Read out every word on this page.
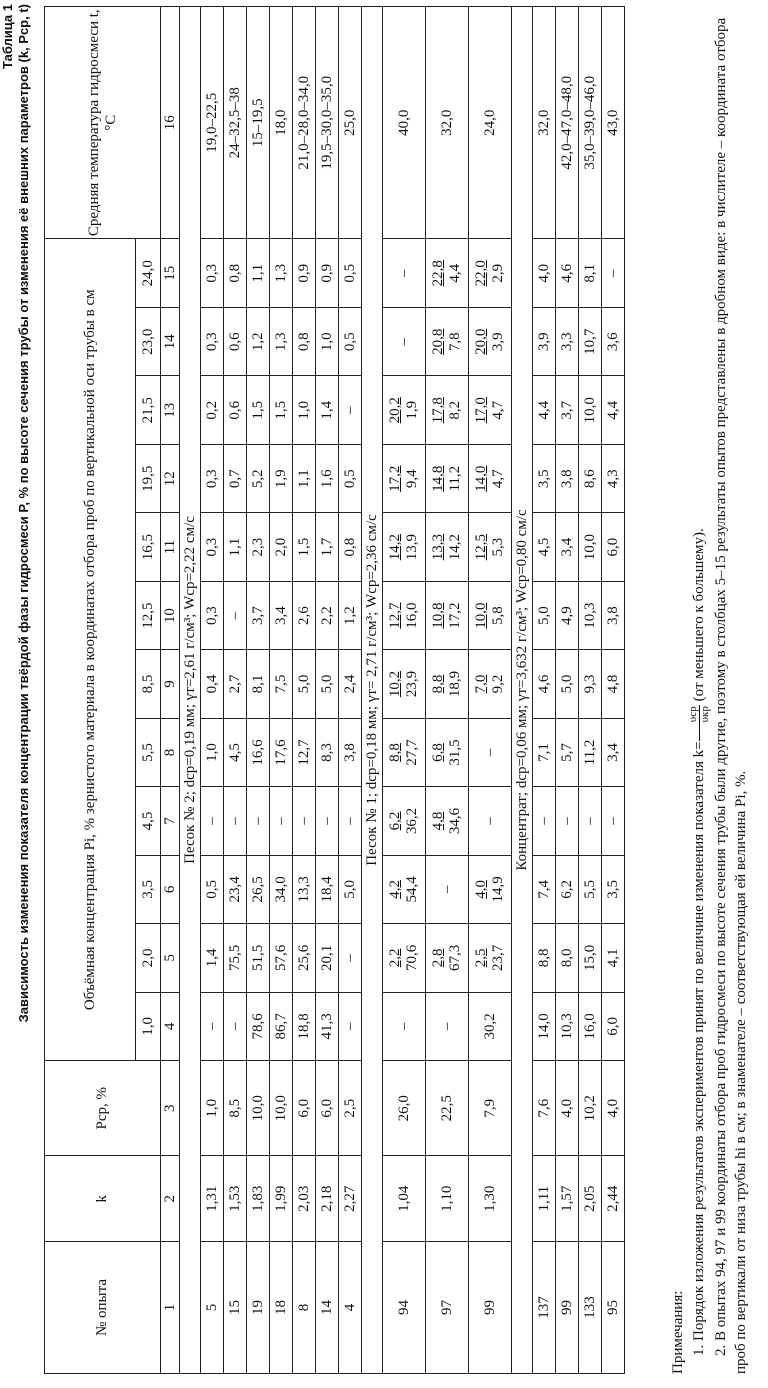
Таблица 1 Зависимость изменения показателя концентрации твёрдой фазы гидросмеси P, % по высоте сечения трубы от изменения её внешних параметров (k, Pср, t)
№ опыта	k	Pср, %	Объёмная концентрация Pi, % зернистого материала в координатах отбора проб по вертикальной оси трубы в см												Средняя температура гидросмеси t, °С
			1,0	2,0	3,5	4,5	5,5	8,5	12,5	16,5	19,5	21,5	23,0	24,0	
1	2	3	4	5	6	7	8	9	10	11	12	13	14	15	16
Песок № 2; dср=0,19 мм; γт=2,61 г/см³; Wср=2,22 см/с															
5	1,31	1,0	–	1,4	0,5	–	1,0	0,4	0,3	0,3	0,3	0,2	0,3	0,3	19,0–22,5
15	1,53	8,5	–	75,5	23,4	–	4,5	2,7	–	1,1	0,7	0,6	0,6	0,8	24–32,5–38
19	1,83	10,0	78,6	51,5	26,5	–	16,6	8,1	3,7	2,3	5,2	1,5	1,2	1,1	15–19,5
18	1,99	10,0	86,7	57,6	34,0	–	17,6	7,5	3,4	2,0	1,9	1,5	1,3	1,3	18,0
8	2,03	6,0	18,8	25,6	13,3	–	12,7	5,0	2,6	1,5	1,1	1,0	0,8	0,9	21,0–28,0–34,0
14	2,18	6,0	41,3	20,1	18,4	–	8,3	5,0	2,2	1,7	1,6	1,4	1,0	0,9	19,5–30,0–35,0
4	2,27	2,5	–	–	5,0	–	3,8	2,4	1,2	0,8	0,5	–	0,5	0,5	25,0
Песок № 1; dср=0,18 мм; γт= 2,71 г/см³; Wср=2,36 см/с															
94	1,04	26,0	–	2,2 70,6	4,2 54,4	6,2 36,2	8,8 27,7	10,2 23,9	12,7 16,0	14,2 13,9	17,2 9,4	20,2 1,9	–	–	40,0
97	1,10	22,5	–	2,8 67,3	–	4,8 34,6	6,8 31,5	8,8 18,9	10,8 17,2	13,3 14,2	14,8 11,2	17,8 8,2	20,8 7,8	22,8 4,4	32,0
99	1,30	7,9	30,2	2,5 23,7	4,0 14,9	–	–	7,0 9,2	10,0 5,8	12,5 5,3	14,0 4,7	17,0 4,7	20,0 3,9	22,0 2,9	24,0
Концентрат; dср=0,06 мм; γт=3,632 г/см³; Wср=0,80 см/с															
137	1,11	7,6	14,0	8,8	7,4	–	7,1	4,6	5,0	4,5	3,5	4,4	3,9	4,0	32,0
99	1,57	4,0	10,3	8,0	6,2	–	5,7	5,0	4,9	3,4	3,8	3,7	3,3	4,6	42,0–47,0–48,0
133	2,05	10,2	16,0	15,0	5,5	–	11,2	9,3	10,3	10,0	8,6	10,0	10,7	8,1	35,0–39,0–46,0
95	2,44	4,0	6,0	4,1	3,5	–	3,4	4,8	3,8	6,0	4,3	4,4	3,6	–	43,0

Примечания: 1. Порядок изложения результатов экспериментов принят по величине изменения показателя k=
υср υкр
(от меньшего к большему). 2. В опытах 94, 97 и 99 координаты отбора проб гидросмеси по высоте сечения трубы были другие, поэтому в столбцах 5–15 результаты опытов представлены в дробном виде: в числителе – координата отбора проб по вертикали от низа трубы hi в см; в знаменателе – соответствующая ей величина Pi, %.
